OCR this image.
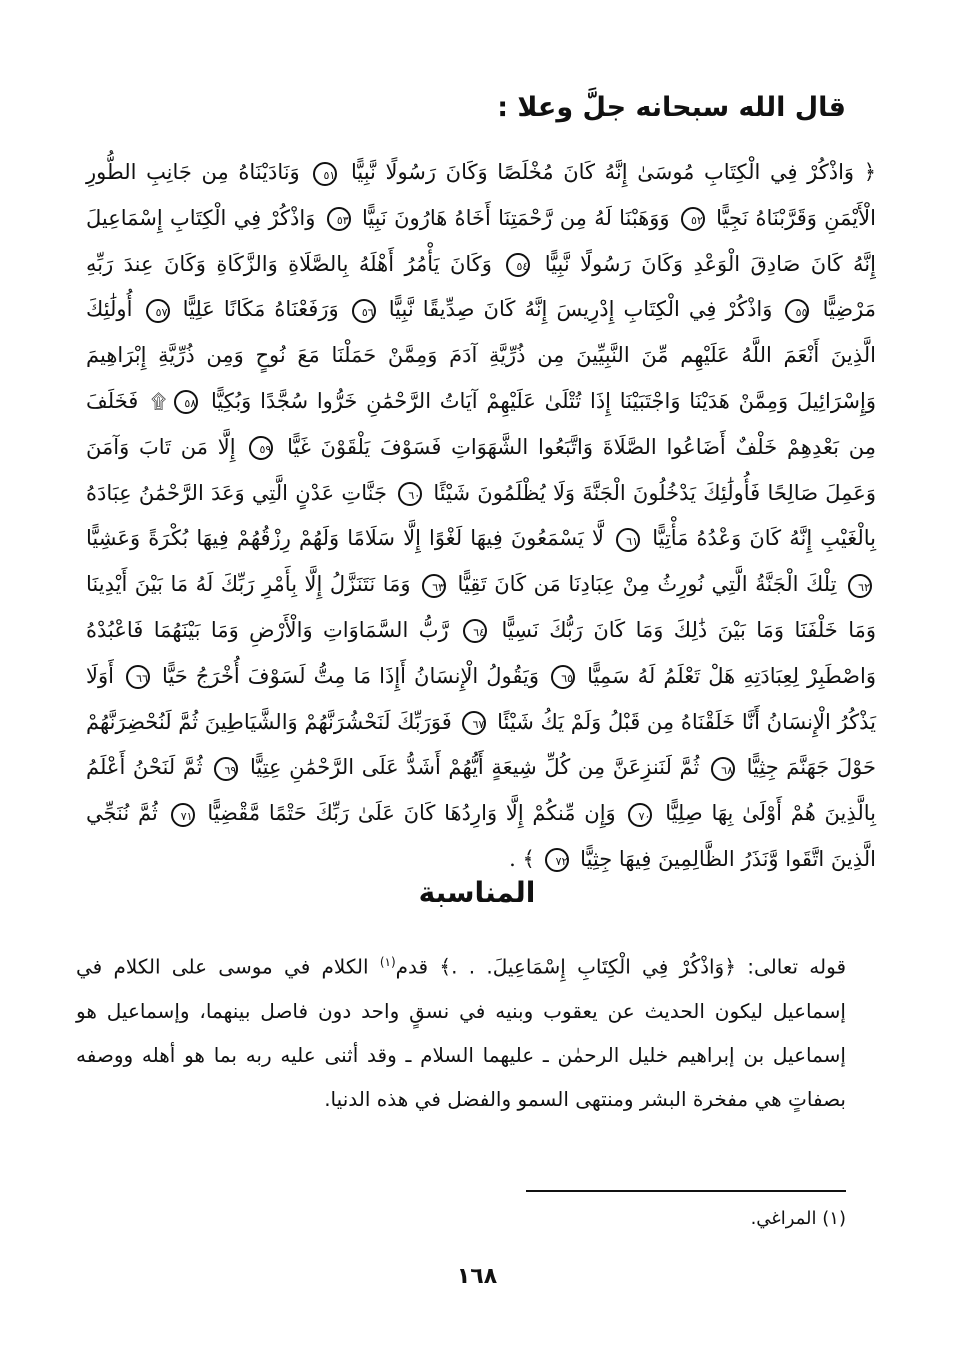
قال الله سبحانه جلَّ وعلا :
﴿ وَاذْكُرْ فِي الْكِتَابِ مُوسَىٰ إِنَّهُ كَانَ مُخْلَصًا وَكَانَ رَسُولًا نَّبِيًّا ٥١ وَنَادَيْنَاهُ مِن جَانِبِ الطُّورِ الْأَيْمَنِ وَقَرَّبْنَاهُ نَجِيًّا ٥٢ وَوَهَبْنَا لَهُ مِن رَّحْمَتِنَا أَخَاهُ هَارُونَ نَبِيًّا ٥٣ وَاذْكُرْ فِي الْكِتَابِ إِسْمَاعِيلَ إِنَّهُ كَانَ صَادِقَ الْوَعْدِ وَكَانَ رَسُولًا نَّبِيًّا ٥٤ وَكَانَ يَأْمُرُ أَهْلَهُ بِالصَّلَاةِ وَالزَّكَاةِ وَكَانَ عِندَ رَبِّهِ مَرْضِيًّا ٥٥ وَاذْكُرْ فِي الْكِتَابِ إِدْرِيسَ إِنَّهُ كَانَ صِدِّيقًا نَّبِيًّا ٥٦ وَرَفَعْنَاهُ مَكَانًا عَلِيًّا ٥٧ أُولَٰئِكَ الَّذِينَ أَنْعَمَ اللَّهُ عَلَيْهِم مِّنَ النَّبِيِّينَ مِن ذُرِّيَّةِ آدَمَ وَمِمَّنْ حَمَلْنَا مَعَ نُوحٍ وَمِن ذُرِّيَّةِ إِبْرَاهِيمَ وَإِسْرَائِيلَ وَمِمَّنْ هَدَيْنَا وَاجْتَبَيْنَا إِذَا تُتْلَىٰ عَلَيْهِمْ آيَاتُ الرَّحْمَٰنِ خَرُّوا سُجَّدًا وَبُكِيًّا ٥٨۩ فَخَلَفَ مِن بَعْدِهِمْ خَلْفٌ أَضَاعُوا الصَّلَاةَ وَاتَّبَعُوا الشَّهَوَاتِ فَسَوْفَ يَلْقَوْنَ غَيًّا ٥٩ إِلَّا مَن تَابَ وَآمَنَ وَعَمِلَ صَالِحًا فَأُولَٰئِكَ يَدْخُلُونَ الْجَنَّةَ وَلَا يُظْلَمُونَ شَيْئًا ٦٠ جَنَّاتِ عَدْنٍ الَّتِي وَعَدَ الرَّحْمَٰنُ عِبَادَهُ بِالْغَيْبِ إِنَّهُ كَانَ وَعْدُهُ مَأْتِيًّا ٦١ لَّا يَسْمَعُونَ فِيهَا لَغْوًا إِلَّا سَلَامًا وَلَهُمْ رِزْقُهُمْ فِيهَا بُكْرَةً وَعَشِيًّا ٦٢ تِلْكَ الْجَنَّةُ الَّتِي نُورِثُ مِنْ عِبَادِنَا مَن كَانَ تَقِيًّا ٦٣ وَمَا نَتَنَزَّلُ إِلَّا بِأَمْرِ رَبِّكَ لَهُ مَا بَيْنَ أَيْدِينَا وَمَا خَلْفَنَا وَمَا بَيْنَ ذَٰلِكَ وَمَا كَانَ رَبُّكَ نَسِيًّا ٦٤ رَّبُّ السَّمَاوَاتِ وَالْأَرْضِ وَمَا بَيْنَهُمَا فَاعْبُدْهُ وَاصْطَبِرْ لِعِبَادَتِهِ هَلْ تَعْلَمُ لَهُ سَمِيًّا ٦٥ وَيَقُولُ الْإِنسَانُ أَإِذَا مَا مِتُّ لَسَوْفَ أُخْرَجُ حَيًّا ٦٦ أَوَلَا يَذْكُرُ الْإِنسَانُ أَنَّا خَلَقْنَاهُ مِن قَبْلُ وَلَمْ يَكُ شَيْئًا ٦٧ فَوَرَبِّكَ لَنَحْشُرَنَّهُمْ وَالشَّيَاطِينَ ثُمَّ لَنُحْضِرَنَّهُمْ حَوْلَ جَهَنَّمَ جِثِيًّا ٦٨ ثُمَّ لَنَنزِعَنَّ مِن كُلِّ شِيعَةٍ أَيُّهُمْ أَشَدُّ عَلَى الرَّحْمَٰنِ عِتِيًّا ٦٩ ثُمَّ لَنَحْنُ أَعْلَمُ بِالَّذِينَ هُمْ أَوْلَىٰ بِهَا صِلِيًّا ٧٠ وَإِن مِّنكُمْ إِلَّا وَارِدُهَا كَانَ عَلَىٰ رَبِّكَ حَتْمًا مَّقْضِيًّا ٧١ ثُمَّ نُنَجِّي الَّذِينَ اتَّقَوا وَّنَذَرُ الظَّالِمِينَ فِيهَا جِثِيًّا ٧٢ ﴾ .
المناسبة

قوله تعالى: ﴿وَاذْكُرْ فِي الْكِتَابِ إِسْمَاعِيلَ. . .﴾ قدم$^{(١)}$ الكلام في موسى على الكلام في إسماعيل ليكون الحديث عن يعقوب وبنيه في نسقٍ واحد دون فاصل بينهما، وإسماعيل هو إسماعيل بن إبراهيم خليل الرحمٰن ـ عليهما السلام ـ وقد أثنى عليه ربه بما هو أهله ووصفه بصفاتٍ هي مفخرة البشر ومنتهى السمو والفضل في هذه الدنيا.

(١) المراغي.
١٦٨
